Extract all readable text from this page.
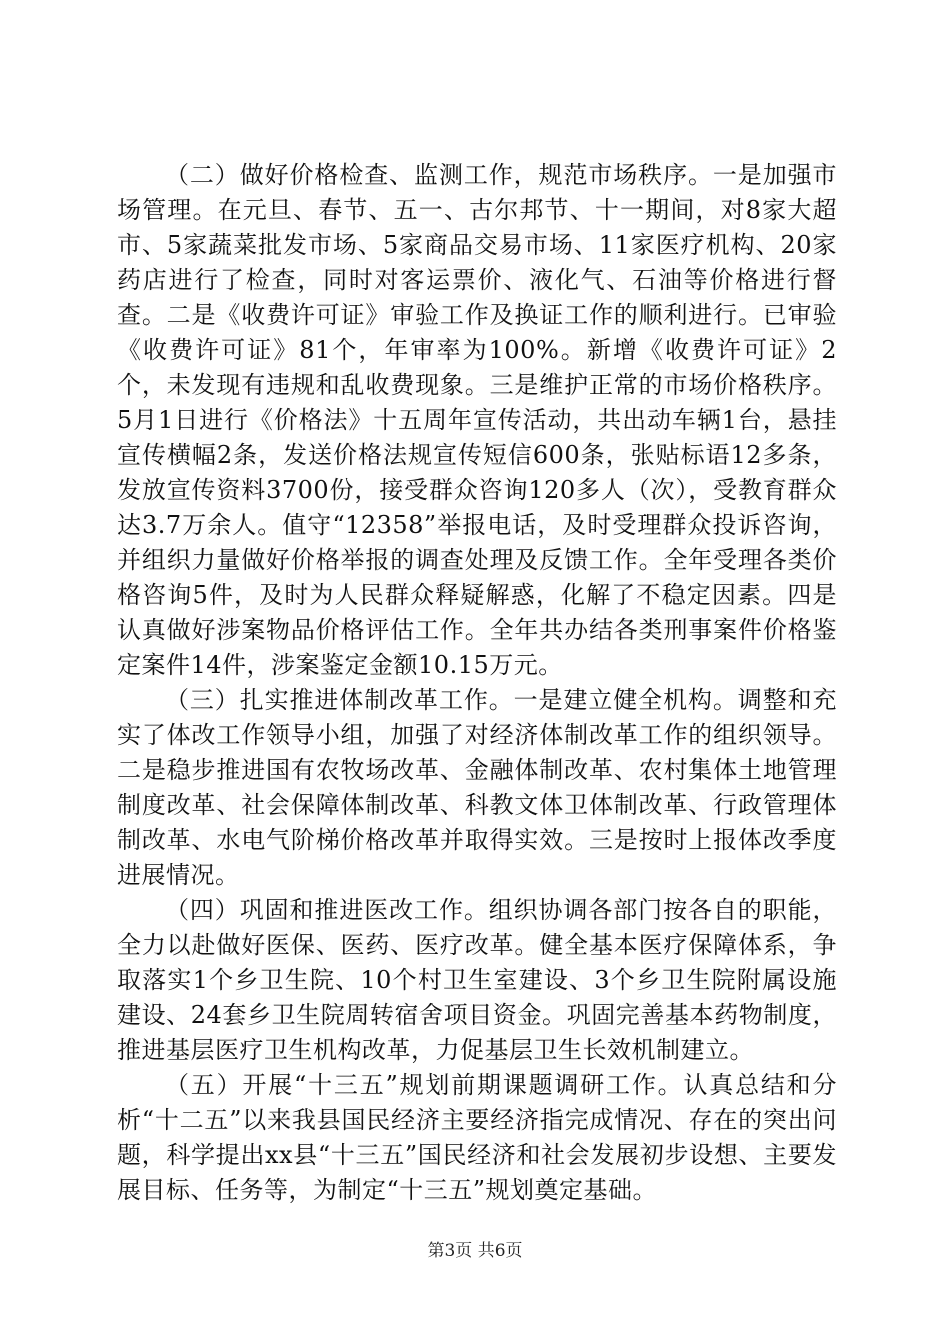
（二）做好价格检查、监测工作，规范市场秩序。一是加强市场管理。在元旦、春节、五一、古尔邦节、十一期间，对8家大超市、5家蔬菜批发市场、5家商品交易市场、11家医疗机构、20家药店进行了检查，同时对客运票价、液化气、石油等价格进行督查。二是《收费许可证》审验工作及换证工作的顺利进行。已审验《收费许可证》81个，年审率为100%。新增《收费许可证》2个，未发现有违规和乱收费现象。三是维护正常的市场价格秩序。5月1日进行《价格法》十五周年宣传活动，共出动车辆1台，悬挂宣传横幅2条，发送价格法规宣传短信600条，张贴标语12多条，发放宣传资料3700份，接受群众咨询120多人（次），受教育群众达3.7万余人。值守“12358”举报电话，及时受理群众投诉咨询，并组织力量做好价格举报的调查处理及反馈工作。全年受理各类价格咨询5件，及时为人民群众释疑解惑，化解了不稳定因素。四是认真做好涉案物品价格评估工作。全年共办结各类刑事案件价格鉴定案件14件，涉案鉴定金额10.15万元。

（三）扎实推进体制改革工作。一是建立健全机构。调整和充实了体改工作领导小组，加强了对经济体制改革工作的组织领导。二是稳步推进国有农牧场改革、金融体制改革、农村集体土地管理制度改革、社会保障体制改革、科教文体卫体制改革、行政管理体制改革、水电气阶梯价格改革并取得实效。三是按时上报体改季度进展情况。

（四）巩固和推进医改工作。组织协调各部门按各自的职能，全力以赴做好医保、医药、医疗改革。健全基本医疗保障体系，争取落实1个乡卫生院、10个村卫生室建设、3个乡卫生院附属设施建设、24套乡卫生院周转宿舍项目资金。巩固完善基本药物制度，推进基层医疗卫生机构改革，力促基层卫生长效机制建立。

（五）开展“十三五”规划前期课题调研工作。认真总结和分析“十二五”以来我县国民经济主要经济指完成情况、存在的突出问题，科学提出xx县“十三五”国民经济和社会发展初步设想、主要发展目标、任务等，为制定“十三五”规划奠定基础。

第3页 共6页
